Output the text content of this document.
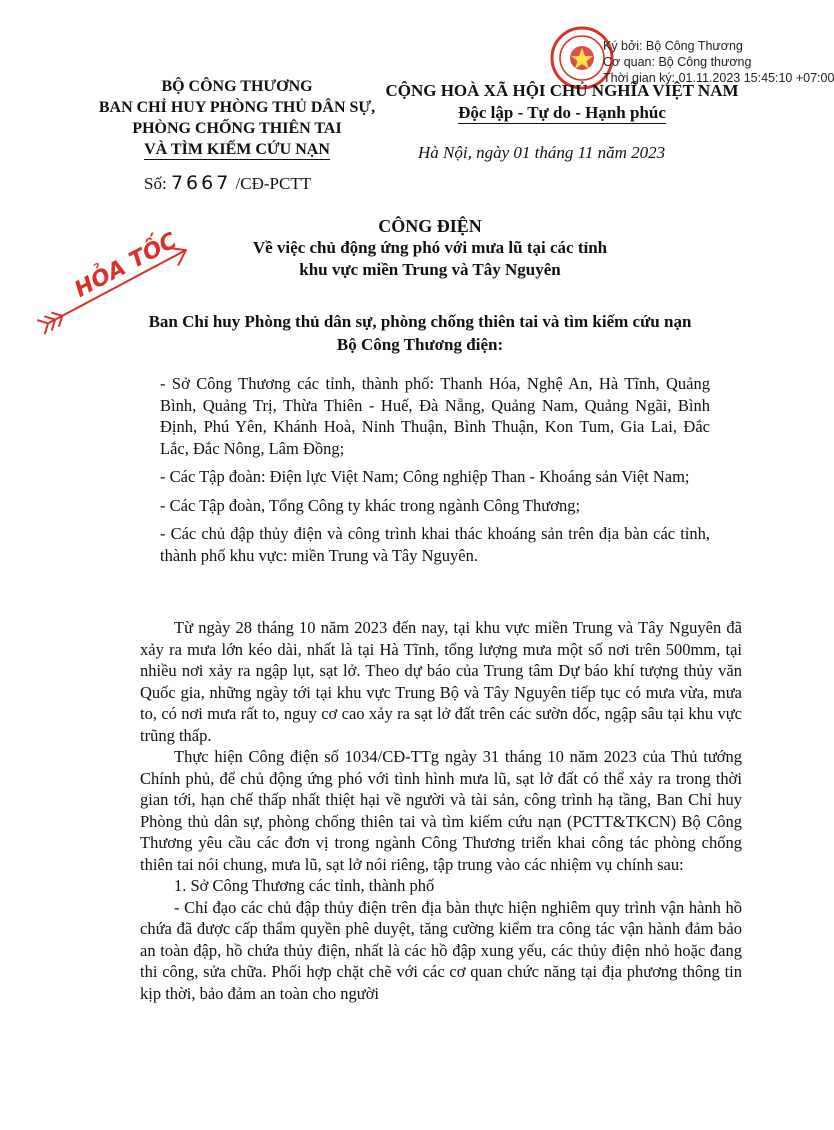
Ký bởi: Bộ Công Thương
Cơ quan: Bộ Công thương
Thời gian ký: 01.11.2023 15:45:10 +07:00
BỘ CÔNG THƯƠNG
BAN CHỈ HUY PHÒNG THỦ DÂN SỰ,
PHÒNG CHỐNG THIÊN TAI
VÀ TÌM KIẾM CỨU NẠN
CỘNG HOÀ XÃ HỘI CHỦ NGHĨA VIỆT NAM
Độc lập - Tự do - Hạnh phúc
Hà Nội, ngày 01 tháng 11 năm 2023
Số: 7667 /CĐ-PCTT
HỎA TỐC
CÔNG ĐIỆN
Về việc chủ động ứng phó với mưa lũ tại các tỉnh
khu vực miền Trung và Tây Nguyên
Ban Chỉ huy Phòng thủ dân sự, phòng chống thiên tai và tìm kiếm cứu nạn
Bộ Công Thương điện:

- Sở Công Thương các tỉnh, thành phố: Thanh Hóa, Nghệ An, Hà Tĩnh, Quảng Bình, Quảng Trị, Thừa Thiên - Huế, Đà Nẵng, Quảng Nam, Quảng Ngãi, Bình Định, Phú Yên, Khánh Hoà, Ninh Thuận, Bình Thuận, Kon Tum, Gia Lai, Đắc Lắc, Đắc Nông, Lâm Đồng;

- Các Tập đoàn: Điện lực Việt Nam; Công nghiệp Than - Khoáng sản Việt Nam;

- Các Tập đoàn, Tổng Công ty khác trong ngành Công Thương;

- Các chủ đập thủy điện và công trình khai thác khoáng sản trên địa bàn các tỉnh, thành phố khu vực: miền Trung và Tây Nguyên.

Từ ngày 28 tháng 10 năm 2023 đến nay, tại khu vực miền Trung và Tây Nguyên đã xảy ra mưa lớn kéo dài, nhất là tại Hà Tĩnh, tổng lượng mưa một số nơi trên 500mm, tại nhiều nơi xảy ra ngập lụt, sạt lở. Theo dự báo của Trung tâm Dự báo khí tượng thủy văn Quốc gia, những ngày tới tại khu vực Trung Bộ và Tây Nguyên tiếp tục có mưa vừa, mưa to, có nơi mưa rất to, nguy cơ cao xảy ra sạt lở đất trên các sườn dốc, ngập sâu tại khu vực trũng thấp.

Thực hiện Công điện số 1034/CĐ-TTg ngày 31 tháng 10 năm 2023 của Thủ tướng Chính phủ, để chủ động ứng phó với tình hình mưa lũ, sạt lở đất có thể xảy ra trong thời gian tới, hạn chế thấp nhất thiệt hại về người và tài sản, công trình hạ tầng, Ban Chỉ huy Phòng thủ dân sự, phòng chống thiên tai và tìm kiếm cứu nạn (PCTT&TKCN) Bộ Công Thương yêu cầu các đơn vị trong ngành Công Thương triển khai công tác phòng chống thiên tai nói chung, mưa lũ, sạt lở nói riêng, tập trung vào các nhiệm vụ chính sau:

1. Sở Công Thương các tỉnh, thành phố

- Chỉ đạo các chủ đập thủy điện trên địa bàn thực hiện nghiêm quy trình vận hành hồ chứa đã được cấp thẩm quyền phê duyệt, tăng cường kiểm tra công tác vận hành đảm bảo an toàn đập, hồ chứa thủy điện, nhất là các hồ đập xung yếu, các thủy điện nhỏ hoặc đang thi công, sửa chữa. Phối hợp chặt chẽ với các cơ quan chức năng tại địa phương thông tin kịp thời, bảo đảm an toàn cho người
